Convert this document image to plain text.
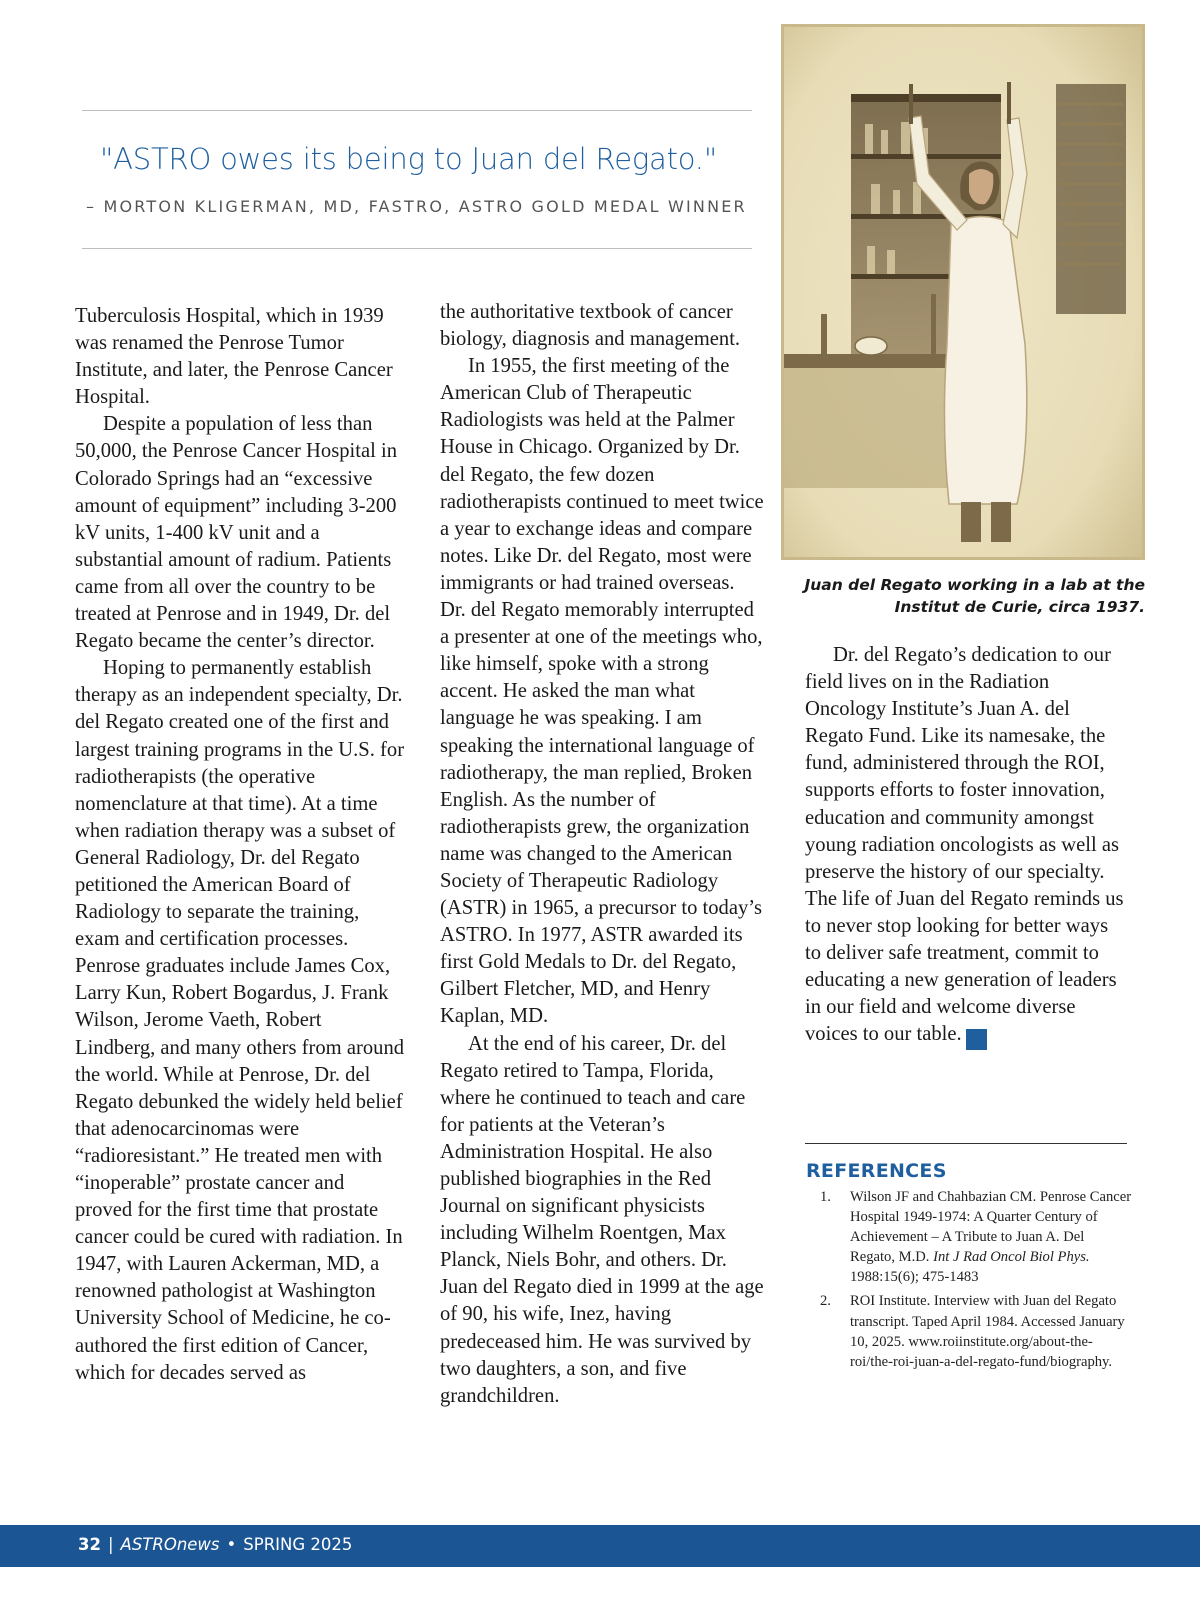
"ASTRO owes its being to Juan del Regato."
– MORTON KLIGERMAN, MD, FASTRO, ASTRO GOLD MEDAL WINNER

Tuberculosis Hospital, which in 1939 was renamed the Penrose Tumor Institute, and later, the Penrose Cancer Hospital.

Despite a population of less than 50,000, the Penrose Cancer Hospital in Colorado Springs had an “excessive amount of equipment” including 3-200 kV units, 1-400 kV unit and a substantial amount of radium. Patients came from all over the country to be treated at Penrose and in 1949, Dr. del Regato became the center’s director.

Hoping to permanently establish therapy as an independent specialty, Dr. del Regato created one of the first and largest training programs in the U.S. for radiotherapists (the operative nomenclature at that time). At a time when radiation therapy was a subset of General Radiology, Dr. del Regato petitioned the American Board of Radiology to separate the training, exam and certification processes. Penrose graduates include James Cox, Larry Kun, Robert Bogardus, J. Frank Wilson, Jerome Vaeth, Robert Lindberg, and many others from around the world. While at Penrose, Dr. del Regato debunked the widely held belief that adenocarcinomas were “radioresistant.” He treated men with “inoperable” prostate cancer and proved for the first time that prostate cancer could be cured with radiation. In 1947, with Lauren Ackerman, MD, a renowned pathologist at Washington University School of Medicine, he co-authored the first edition of Cancer, which for decades served as

the authoritative textbook of cancer biology, diagnosis and management.

In 1955, the first meeting of the American Club of Therapeutic Radiologists was held at the Palmer House in Chicago. Organized by Dr. del Regato, the few dozen radiotherapists continued to meet twice a year to exchange ideas and compare notes. Like Dr. del Regato, most were immigrants or had trained overseas. Dr. del Regato memorably interrupted a presenter at one of the meetings who, like himself, spoke with a strong accent. He asked the man what language he was speaking. I am speaking the international language of radiotherapy, the man replied, Broken English. As the number of radiotherapists grew, the organization name was changed to the American Society of Therapeutic Radiology (ASTR) in 1965, a precursor to today’s ASTRO. In 1977, ASTR awarded its first Gold Medals to Dr. del Regato, Gilbert Fletcher, MD, and Henry Kaplan, MD.

At the end of his career, Dr. del Regato retired to Tampa, Florida, where he continued to teach and care for patients at the Veteran’s Administration Hospital. He also published biographies in the Red Journal on significant physicists including Wilhelm Roentgen, Max Planck, Niels Bohr, and others. Dr. Juan del Regato died in 1999 at the age of 90, his wife, Inez, having predeceased him. He was survived by two daughters, a son, and five grandchildren.

Juan del Regato working in a lab at the Institut de Curie, circa 1937.

Dr. del Regato’s dedication to our field lives on in the Radiation Oncology Institute’s Juan A. del Regato Fund. Like its namesake, the fund, administered through the ROI, supports efforts to foster innovation, education and community amongst young radiation oncologists as well as preserve the history of our specialty. The life of Juan del Regato reminds us to never stop looking for better ways to deliver safe treatment, commit to educating a new generation of leaders in our field and welcome diverse voices to our table. A

REFERENCES
1. Wilson JF and Chahbazian CM. Penrose Cancer Hospital 1949-1974: A Quarter Century of Achievement – A Tribute to Juan A. Del Regato, M.D. Int J Rad Oncol Biol Phys. 1988:15(6); 475-1483
2. ROI Institute. Interview with Juan del Regato transcript. Taped April 1984. Accessed January 10, 2025. www.roiinstitute.org/about-the-roi/the-roi-juan-a-del-regato-fund/biography.
32 | ASTROnews • SPRING 2025
